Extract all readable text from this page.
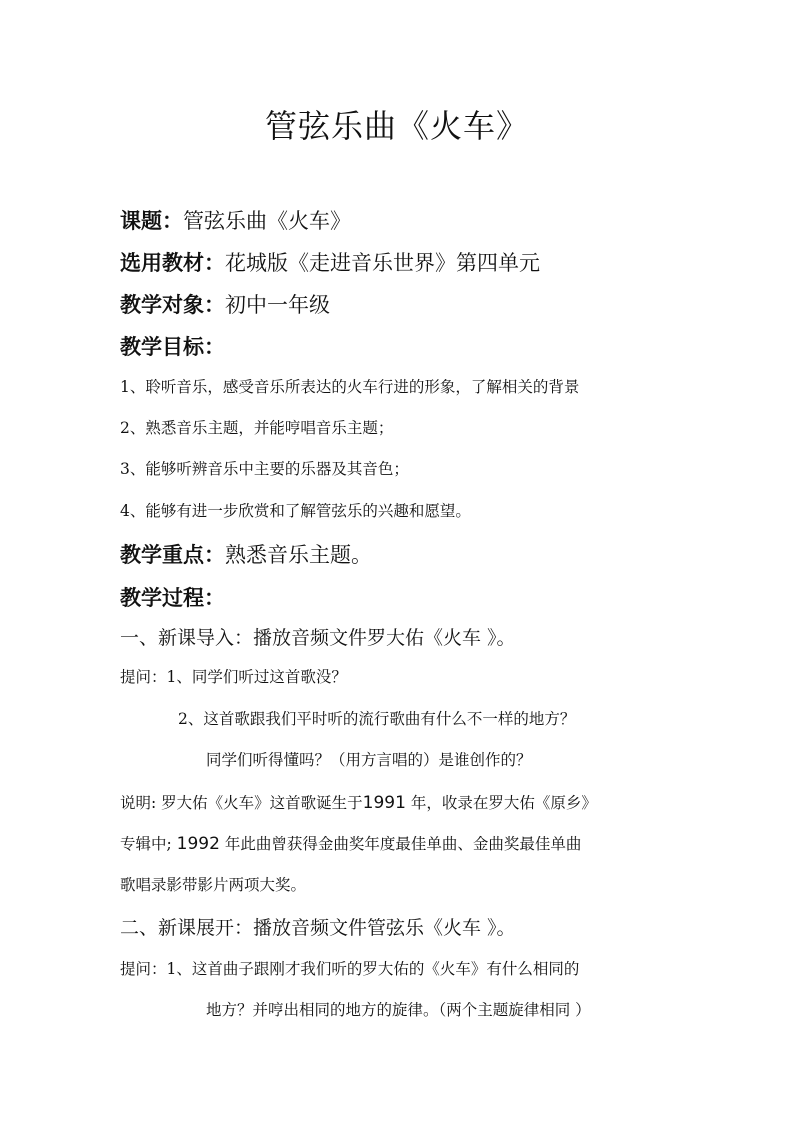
管弦乐曲《火车》
课题：管弦乐曲《火车》
选用教材：花城版《走进音乐世界》第四单元
教学对象：初中一年级
教学目标：
1、聆听音乐，感受音乐所表达的火车行进的形象，了解相关的背景
2、熟悉音乐主题，并能哼唱音乐主题；
3、能够听辨音乐中主要的乐器及其音色；
4、能够有进一步欣赏和了解管弦乐的兴趣和愿望。
教学重点：熟悉音乐主题。
教学过程：
一、新课导入：播放音频文件罗大佑《火车 》。
提问：1、同学们听过这首歌没？
2、这首歌跟我们平时听的流行歌曲有什么不一样的地方？
同学们听得懂吗？（用方言唱的）是谁创作的？
说明: 罗大佑《火车》这首歌诞生于1991 年，收录在罗大佑《原乡》
专辑中; 1992 年此曲曾获得金曲奖年度最佳单曲、金曲奖最佳单曲
歌唱录影带影片两项大奖。
二、新课展开：播放音频文件管弦乐《火车 》。
提问：1、这首曲子跟刚才我们听的罗大佑的《火车》有什么相同的
地方？并哼出相同的地方的旋律。（两个主题旋律相同 ）
